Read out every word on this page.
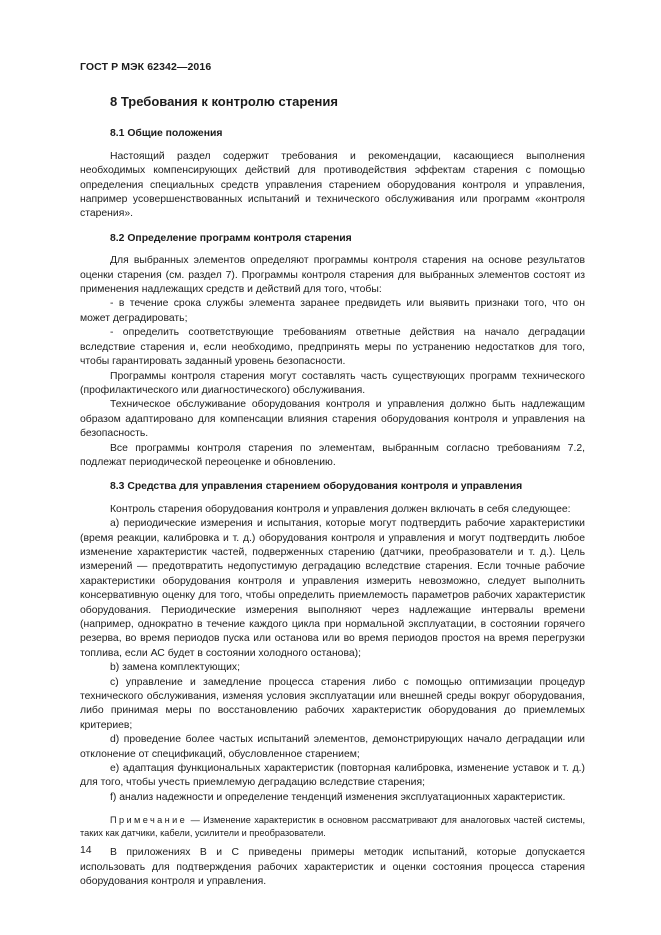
ГОСТ Р МЭК 62342—2016
8 Требования к контролю старения
8.1 Общие положения

Настоящий раздел содержит требования и рекомендации, касающиеся выполнения необходимых компенсирующих действий для противодействия эффектам старения с помощью определения специальных средств управления старением оборудования контроля и управления, например усовершенствованных испытаний и технического обслуживания или программ «контроля старения».

8.2 Определение программ контроля старения

Для выбранных элементов определяют программы контроля старения на основе результатов оценки старения (см. раздел 7). Программы контроля старения для выбранных элементов состоят из применения надлежащих средств и действий для того, чтобы:

- в течение срока службы элемента заранее предвидеть или выявить признаки того, что он может деградировать;

- определить соответствующие требованиям ответные действия на начало деградации вследствие старения и, если необходимо, предпринять меры по устранению недостатков для того, чтобы гарантировать заданный уровень безопасности.

Программы контроля старения могут составлять часть существующих программ технического (профилактического или диагностического) обслуживания.

Техническое обслуживание оборудования контроля и управления должно быть надлежащим образом адаптировано для компенсации влияния старения оборудования контроля и управления на безопасность.

Все программы контроля старения по элементам, выбранным согласно требованиям 7.2, подлежат периодической переоценке и обновлению.

8.3 Средства для управления старением оборудования контроля и управления

Контроль старения оборудования контроля и управления должен включать в себя следующее:

а) периодические измерения и испытания, которые могут подтвердить рабочие характеристики (время реакции, калибровка и т. д.) оборудования контроля и управления и могут подтвердить любое изменение характеристик частей, подверженных старению (датчики, преобразователи и т. д.). Цель измерений — предотвратить недопустимую деградацию вследствие старения. Если точные рабочие характеристики оборудования контроля и управления измерить невозможно, следует выполнить консервативную оценку для того, чтобы определить приемлемость параметров рабочих характеристик оборудования. Периодические измерения выполняют через надлежащие интервалы времени (например, однократно в течение каждого цикла при нормальной эксплуатации, в состоянии горячего резерва, во время периодов пуска или останова или во время периодов простоя на время перегрузки топлива, если АС будет в состоянии холодного останова);

b) замена комплектующих;

с) управление и замедление процесса старения либо с помощью оптимизации процедур технического обслуживания, изменяя условия эксплуатации или внешней среды вокруг оборудования, либо принимая меры по восстановлению рабочих характеристик оборудования до приемлемых критериев;

d) проведение более частых испытаний элементов, демонстрирующих начало деградации или отклонение от спецификаций, обусловленное старением;

е) адаптация функциональных характеристик (повторная калибровка, изменение уставок и т. д.) для того, чтобы учесть приемлемую деградацию вследствие старения;

f) анализ надежности и определение тенденций изменения эксплуатационных характеристик.

Примечание — Изменение характеристик в основном рассматривают для аналоговых частей системы, таких как датчики, кабели, усилители и преобразователи.

В приложениях В и С приведены примеры методик испытаний, которые допускается использовать для подтверждения рабочих характеристик и оценки состояния процесса старения оборудования контроля и управления.

14
